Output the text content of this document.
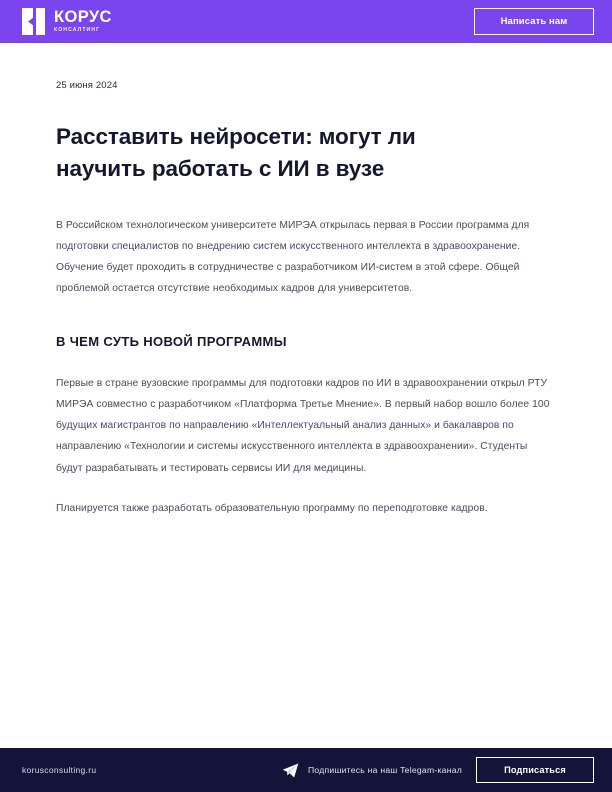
КОРУС
КОНСАЛТИНГ
Написать нам
25 июня 2024
Расставить нейросети: могут ли научить работать с ИИ в вузе

В Российском технологическом университете МИРЭА открылась первая в России программа для подготовки специалистов по внедрению систем искусственного интеллекта в здравоохранение. Обучение будет проходить в сотрудничестве с разработчиком ИИ-систем в этой сфере. Общей проблемой остается отсутствие необходимых кадров для университетов.

В ЧЕМ СУТЬ НОВОЙ ПРОГРАММЫ

Первые в стране вузовские программы для подготовки кадров по ИИ в здравоохранении открыл РТУ МИРЭА совместно с разработчиком «Платформа Третье Мнение». В первый набор вошло более 100 будущих магистрантов по направлению «Интеллектуальный анализ данных» и бакалавров по направлению «Технологии и системы искусственного интеллекта в здравоохранении». Студенты будут разрабатывать и тестировать сервисы ИИ для медицины.

Планируется также разработать образовательную программу по переподготовке кадров.

korusconsulting.ru	Подпишитесь на наш Telegam-канал	Подписаться
